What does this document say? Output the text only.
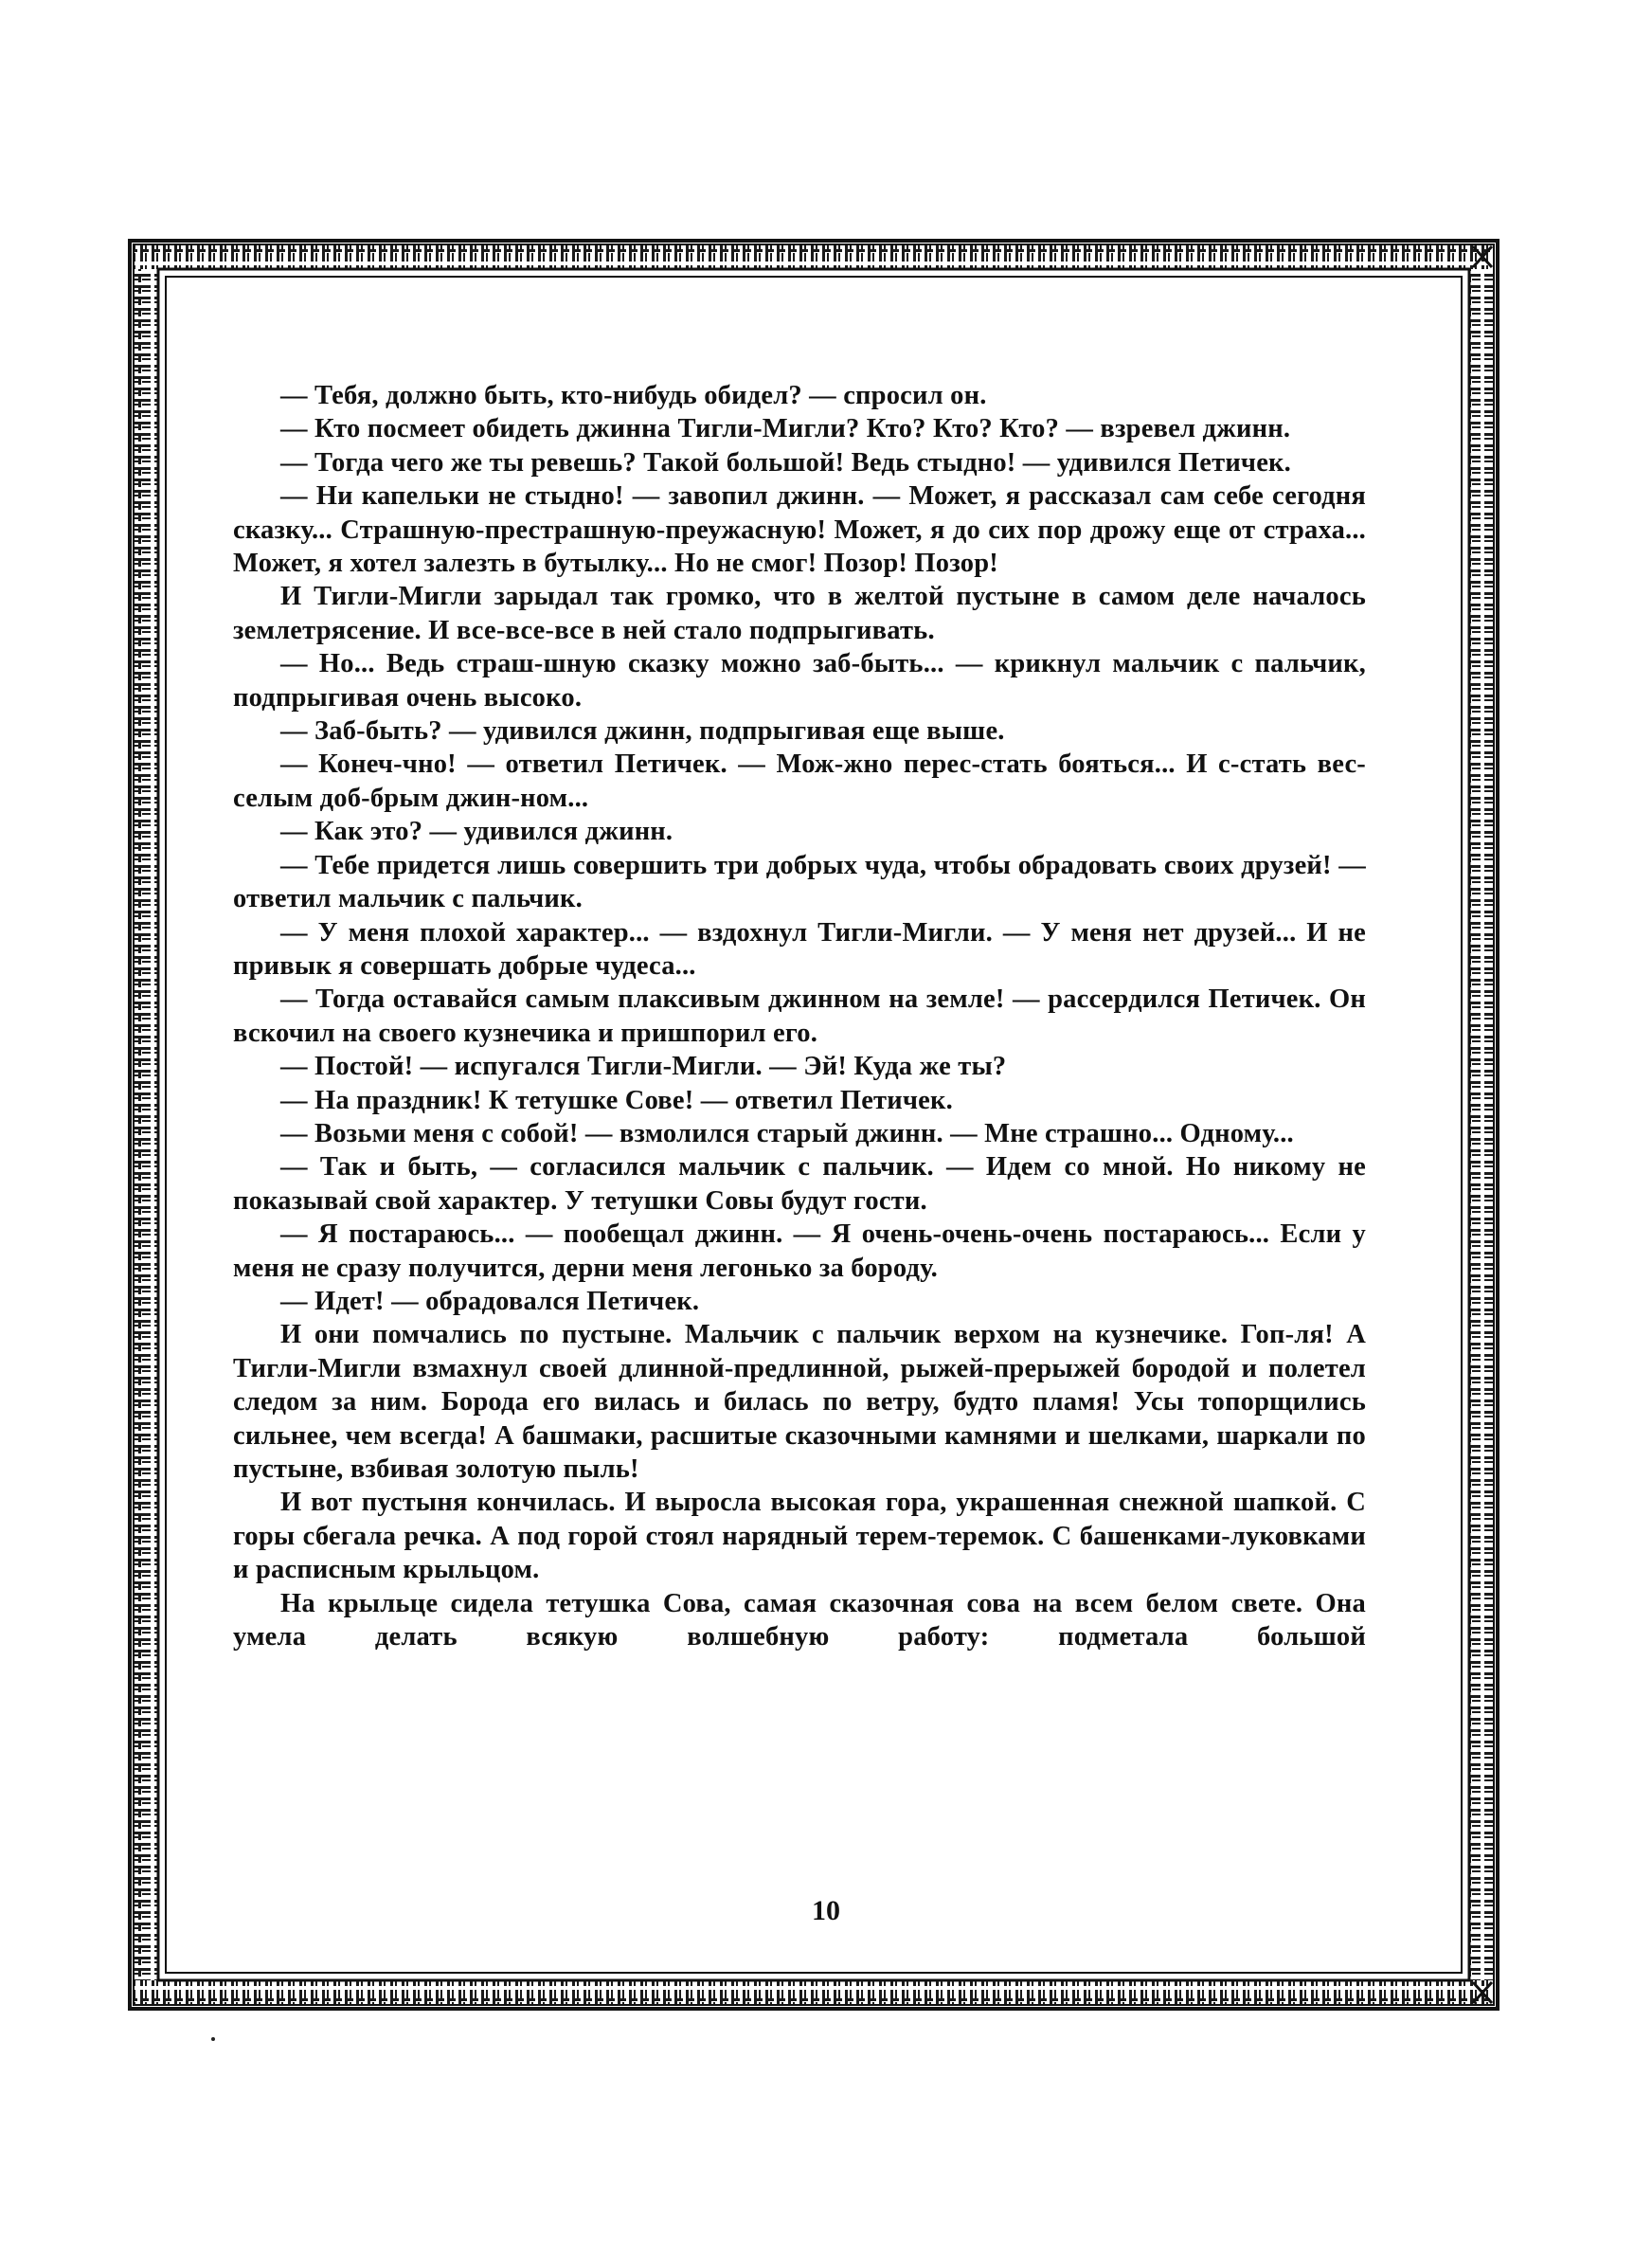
— Тебя, должно быть, кто-нибудь обидел? — спросил он.

— Кто посмеет обидеть джинна Тигли-Мигли? Кто? Кто? Кто? — взревел джинн.

— Тогда чего же ты ревешь? Такой большой! Ведь стыдно! — удивился Петичек.

— Ни капельки не стыдно! — завопил джинн. — Может, я рассказал сам себе сегодня сказку... Страшную-престрашную-преужасную! Может, я до сих пор дрожу еще от страха... Может, я хотел залезть в бутылку... Но не смог! Позор! Позор!

И Тигли-Мигли зарыдал так громко, что в желтой пустыне в самом деле началось землетрясение. И все-все-все в ней стало подпрыгивать.

— Но... Ведь страш-шную сказку можно заб-быть... — крикнул мальчик с пальчик, подпрыгивая очень высоко.

— Заб-быть? — удивился джинн, подпрыгивая еще выше.

— Конеч-чно! — ответил Петичек. — Мож-жно перес-стать бояться... И с-стать вес-селым доб-брым джин-ном...

— Как это? — удивился джинн.

— Тебе придется лишь совершить три добрых чуда, чтобы обрадовать своих друзей! — ответил мальчик с пальчик.

— У меня плохой характер... — вздохнул Тигли-Мигли. — У меня нет друзей... И не привык я совершать добрые чудеса...

— Тогда оставайся самым плаксивым джинном на земле! — рассердился Петичек. Он вскочил на своего кузнечика и пришпорил его.

— Постой! — испугался Тигли-Мигли. — Эй! Куда же ты?

— На праздник! К тетушке Сове! — ответил Петичек.

— Возьми меня с собой! — взмолился старый джинн. — Мне страшно... Одному...

— Так и быть, — согласился мальчик с пальчик. — Идем со мной. Но никому не показывай свой характер. У тетушки Совы будут гости.

— Я постараюсь... — пообещал джинн. — Я очень-очень-очень постараюсь... Если у меня не сразу получится, дерни меня легонько за бороду.

— Идет! — обрадовался Петичек.

И они помчались по пустыне. Мальчик с пальчик верхом на кузнечике. Гоп-ля! А Тигли-Мигли взмахнул своей длинной-предлинной, рыжей-прерыжей бородой и полетел следом за ним. Борода его вилась и билась по ветру, будто пламя! Усы топорщились сильнее, чем всегда! А башмаки, расшитые сказочными камнями и шелками, шаркали по пустыне, взбивая золотую пыль!

И вот пустыня кончилась. И выросла высокая гора, украшенная снежной шапкой. С горы сбегала речка. А под горой стоял нарядный терем-теремок. С башенками-луковками и расписным крыльцом.

На крыльце сидела тетушка Сова, самая сказочная сова на всем белом свете. Она умела делать всякую волшебную работу: подметала большой

10
